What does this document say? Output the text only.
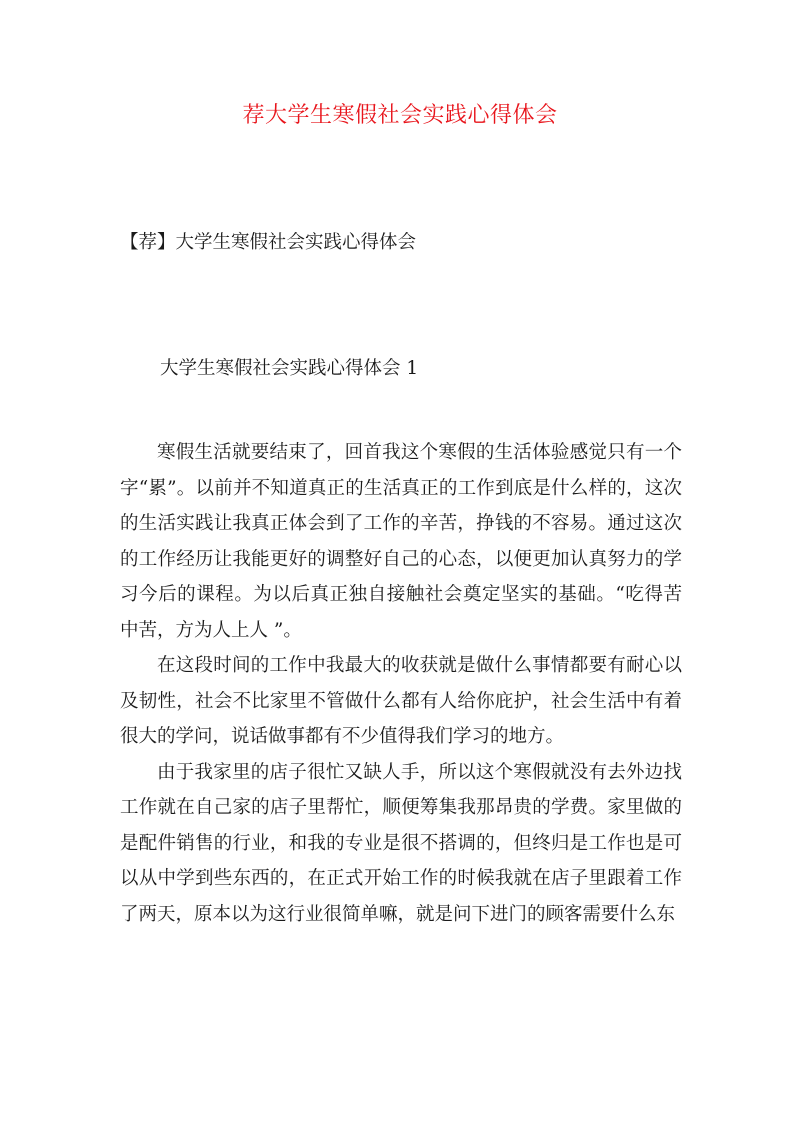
荐大学生寒假社会实践心得体会
【荐】大学生寒假社会实践心得体会
大学生寒假社会实践心得体会 1

寒假生活就要结束了，回首我这个寒假的生活体验感觉只有一个字“累”。以前并不知道真正的生活真正的工作到底是什么样的，这次的生活实践让我真正体会到了工作的辛苦，挣钱的不容易。通过这次的工作经历让我能更好的调整好自己的心态，以便更加认真努力的学习今后的课程。为以后真正独自接触社会奠定坚实的基础。“吃得苦中苦，方为人上人 ”。

在这段时间的工作中我最大的收获就是做什么事情都要有耐心以及韧性，社会不比家里不管做什么都有人给你庇护，社会生活中有着很大的学问，说话做事都有不少值得我们学习的地方。

由于我家里的店子很忙又缺人手，所以这个寒假就没有去外边找工作就在自己家的店子里帮忙，顺便筹集我那昂贵的学费。家里做的是配件销售的行业，和我的专业是很不搭调的，但终归是工作也是可以从中学到些东西的，在正式开始工作的时候我就在店子里跟着工作了两天，原本以为这行业很简单嘛，就是问下进门的顾客需要什么东
